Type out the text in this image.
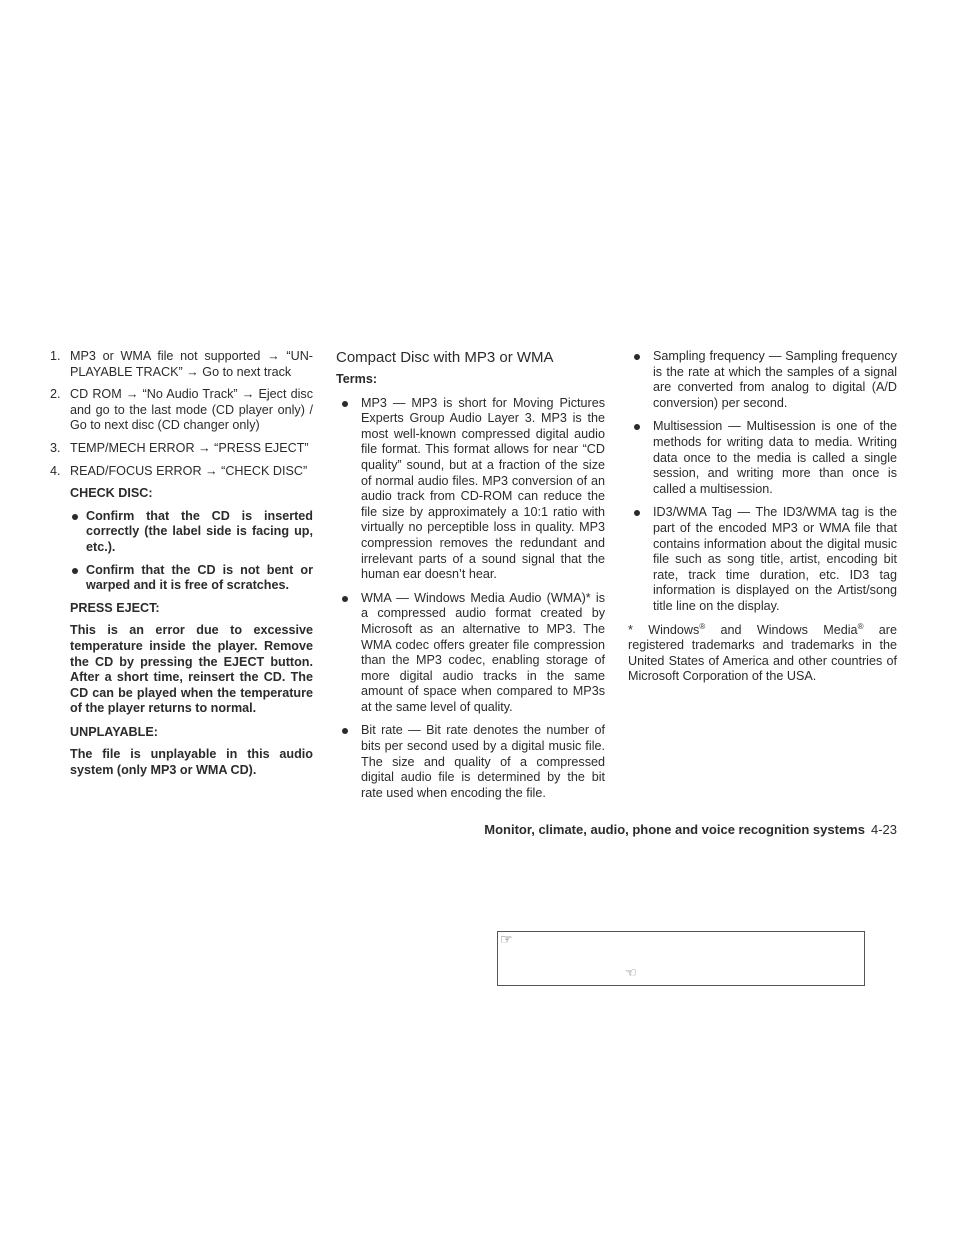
1. MP3 or WMA file not supported → “UN-PLAYABLE TRACK” → Go to next track
2. CD ROM → “No Audio Track” → Eject disc and go to the last mode (CD player only) / Go to next disc (CD changer only)
3. TEMP/MECH ERROR → “PRESS EJECT”
4. READ/FOCUS ERROR → “CHECK DISC”
CHECK DISC:
Confirm that the CD is inserted correctly (the label side is facing up, etc.).
Confirm that the CD is not bent or warped and it is free of scratches.
PRESS EJECT:
This is an error due to excessive temperature inside the player. Remove the CD by pressing the EJECT button. After a short time, reinsert the CD. The CD can be played when the temperature of the player returns to normal.
UNPLAYABLE:
The file is unplayable in this audio system (only MP3 or WMA CD).
Compact Disc with MP3 or WMA
Terms:
MP3 — MP3 is short for Moving Pictures Experts Group Audio Layer 3. MP3 is the most well-known compressed digital audio file format. This format allows for near “CD quality” sound, but at a fraction of the size of normal audio files. MP3 conversion of an audio track from CD-ROM can reduce the file size by approximately a 10:1 ratio with virtually no perceptible loss in quality. MP3 compression removes the redundant and irrelevant parts of a sound signal that the human ear doesn’t hear.
WMA — Windows Media Audio (WMA)* is a compressed audio format created by Microsoft as an alternative to MP3. The WMA codec offers greater file compression than the MP3 codec, enabling storage of more digital audio tracks in the same amount of space when compared to MP3s at the same level of quality.
Bit rate — Bit rate denotes the number of bits per second used by a digital music file. The size and quality of a compressed digital audio file is determined by the bit rate used when encoding the file.
Sampling frequency — Sampling frequency is the rate at which the samples of a signal are converted from analog to digital (A/D conversion) per second.
Multisession — Multisession is one of the methods for writing data to media. Writing data once to the media is called a single session, and writing more than once is called a multisession.
ID3/WMA Tag — The ID3/WMA tag is the part of the encoded MP3 or WMA file that contains information about the digital music file such as song title, artist, encoding bit rate, track time duration, etc. ID3 tag information is displayed on the Artist/song title line on the display.
* Windows® and Windows Media® are registered trademarks and trademarks in the United States of America and other countries of Microsoft Corporation of the USA.
Monitor, climate, audio, phone and voice recognition systems 4-23
☞
☜
